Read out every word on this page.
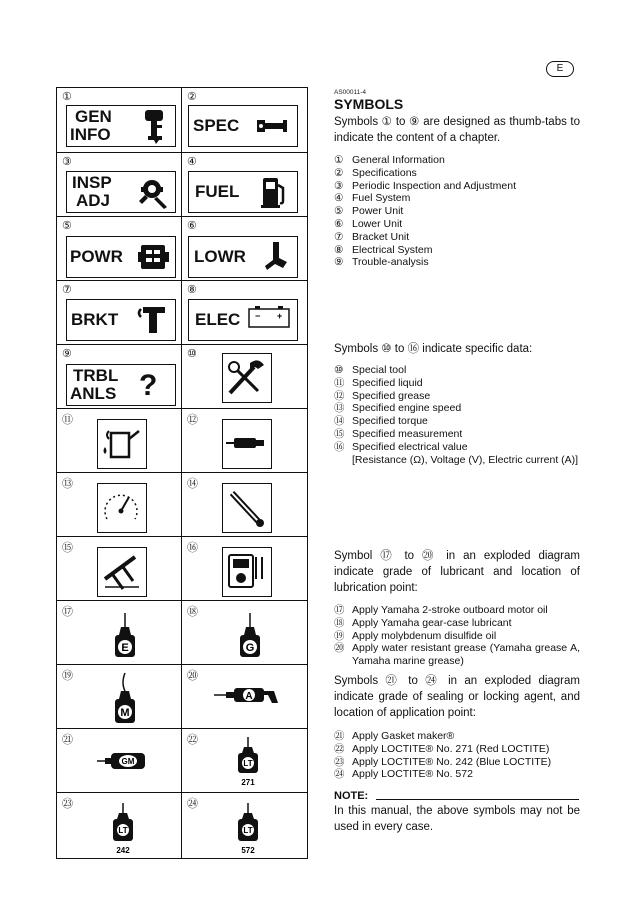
E
①
GEN
INFO
②
SPEC
③
INSP
ADJ
④
FUEL
⑤
POWR
⑥
LOWR
⑦
BRKT
⑧
ELEC − +
⑨
TRBL
ANLS ?
⑩
⑪	⑫
⑬	⑭
⑮	⑯
⑰
E
⑱
G
⑲
M
⑳
A
㉑
GM
㉒
LT
271
㉓
LT
242
㉔
LT
572
AS00011-4
SYMBOLS
Symbols ① to ⑨ are designed as thumb-tabs to indicate the content of a chapter.
① General Information
② Specifications
③ Periodic Inspection and Adjustment
④ Fuel System
⑤ Power Unit
⑥ Lower Unit
⑦ Bracket Unit
⑧ Electrical System
⑨ Trouble-analysis
Symbols ⑩ to ⑯ indicate specific data:
⑩ Special tool
⑪ Specified liquid
⑫ Specified grease
⑬ Specified engine speed
⑭ Specified torque
⑮ Specified measurement
⑯ Specified electrical value
[Resistance (Ω), Voltage (V), Electric current (A)]
Symbol ⑰ to ⑳ in an exploded diagram indicate grade of lubricant and location of lubrication point:
⑰ Apply Yamaha 2-stroke outboard motor oil
⑱ Apply Yamaha gear-case lubricant
⑲ Apply molybdenum disulfide oil
⑳ Apply water resistant grease (Yamaha grease A, Yamaha marine grease)
Symbols ㉑ to ㉔ in an exploded diagram indicate grade of sealing or locking agent, and location of application point:
㉑ Apply Gasket maker®
㉒ Apply LOCTITE® No. 271 (Red LOCTITE)
㉓ Apply LOCTITE® No. 242 (Blue LOCTITE)
㉔ Apply LOCTITE® No. 572
NOTE:
In this manual, the above symbols may not be used in every case.
